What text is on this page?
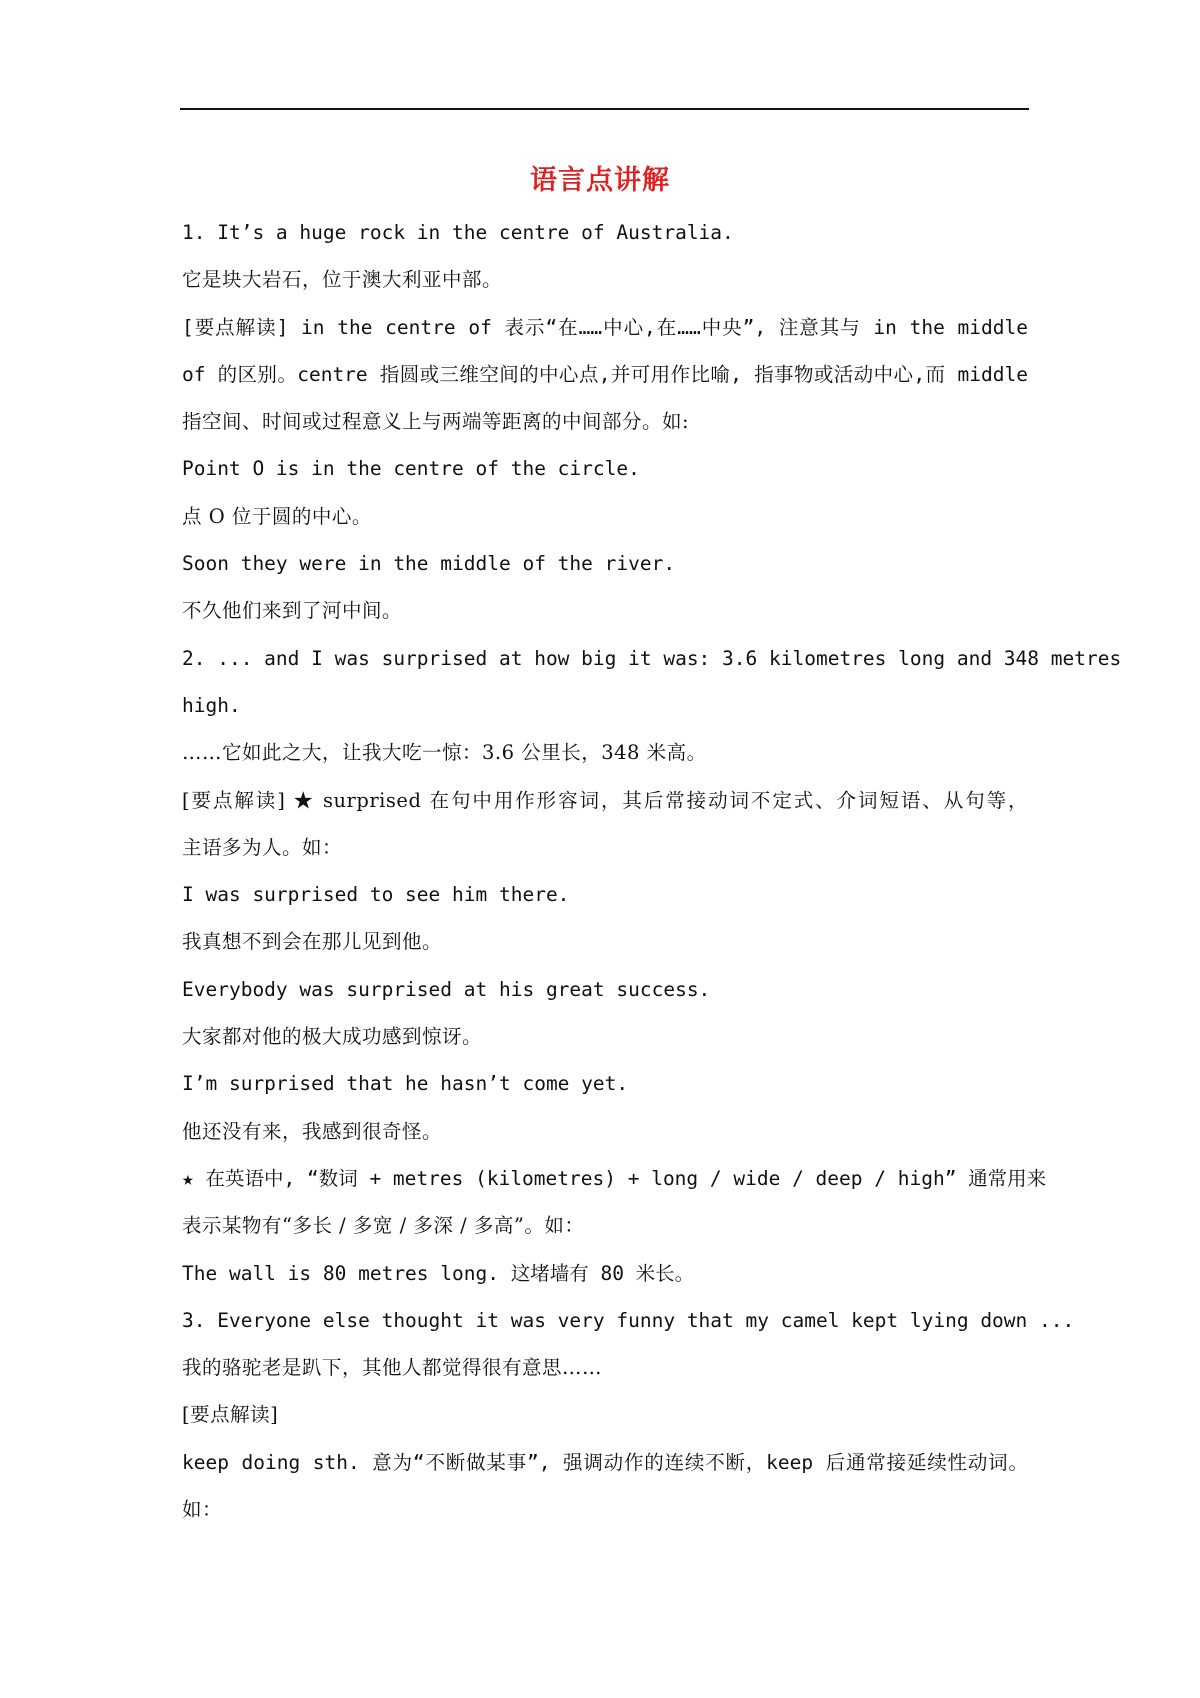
语言点讲解
1. It’s a huge rock in the centre of Australia.
它是块大岩石，位于澳大利亚中部。
[要点解读] in the centre of 表示“在……中心,在……中央”, 注意其与 in the middle
of 的区别。centre 指圆或三维空间的中心点,并可用作比喻, 指事物或活动中心,而 middle
指空间、时间或过程意义上与两端等距离的中间部分。如:
Point O is in the centre of the circle.
点 O 位于圆的中心。
Soon they were in the middle of the river.
不久他们来到了河中间。
2. ... and I was surprised at how big it was: 3.6 kilometres long and 348 metres
high.
……它如此之大，让我大吃一惊：3.6 公里长，348 米高。
[要点解读] ★ surprised 在句中用作形容词，其后常接动词不定式、介词短语、从句等，
主语多为人。如：
I was surprised to see him there.
我真想不到会在那儿见到他。
Everybody was surprised at his great success.
大家都对他的极大成功感到惊讶。
I’m surprised that he hasn’t come yet.
他还没有来，我感到很奇怪。
★ 在英语中, “数词 + metres (kilometres) + long / wide / deep / high” 通常用来
表示某物有“多长 / 多宽 / 多深 / 多高”。如：
The wall is 80 metres long. 这堵墙有 80 米长。
3. Everyone else thought it was very funny that my camel kept lying down ...
我的骆驼老是趴下，其他人都觉得很有意思……
[要点解读]
keep doing sth. 意为“不断做某事”, 强调动作的连续不断，keep 后通常接延续性动词。
如：
